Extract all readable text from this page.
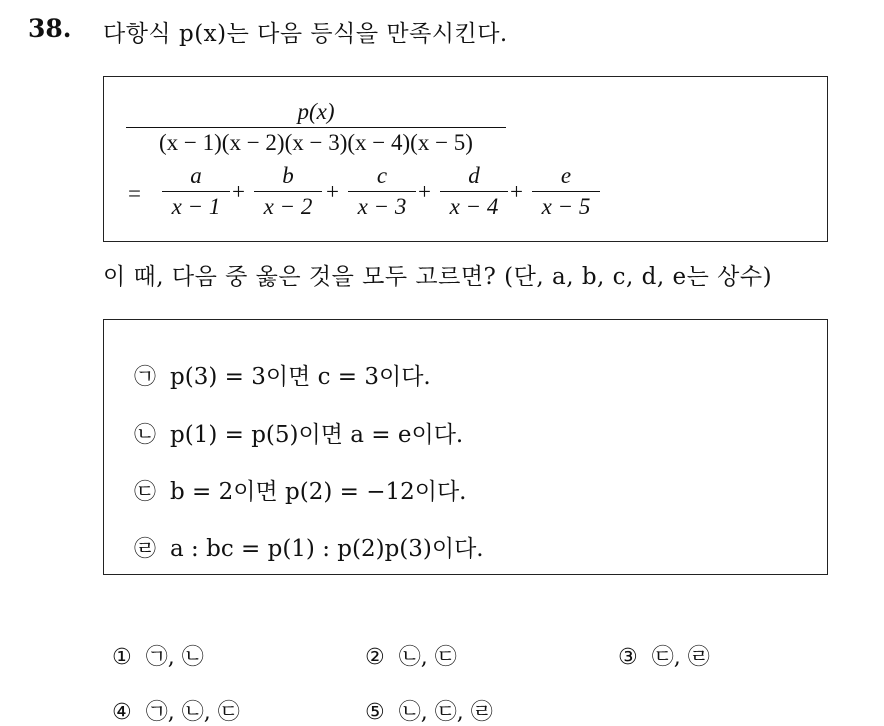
38. 다항식 p(x)는 다음 등식을 만족시킨다.
p(x)
(x − 1)(x − 2)(x − 3)(x − 4)(x − 5)
=
a
x − 1
+
b
x − 2
+
c
x − 3
+
d
x − 4
+
e
x − 5
이 때, 다음 중 옳은 것을 모두 고르면? (단, a, b, c, d, e는 상수)
㉠ p(3) = 3이면 c = 3이다.
㉡ p(1) = p(5)이면 a = e이다.
㉢ b = 2이면 p(2) = −12이다.
㉣ a : bc = p(1) : p(2)p(3)이다.
① ㉠, ㉡	② ㉡, ㉢	③ ㉢, ㉣
④ ㉠, ㉡, ㉢	⑤ ㉡, ㉢, ㉣
